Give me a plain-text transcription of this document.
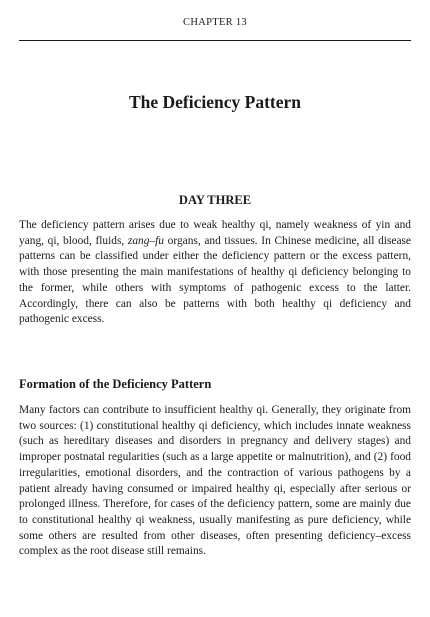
CHAPTER 13
The Deficiency Pattern
DAY THREE

The deficiency pattern arises due to weak healthy qi, namely weakness of yin and yang, qi, blood, fluids, zang–fu organs, and tissues. In Chinese medicine, all disease patterns can be classified under either the deficiency pattern or the excess pattern, with those presenting the main manifestations of healthy qi deficiency belonging to the former, while others with symptoms of pathogenic excess to the latter. Accordingly, there can also be patterns with both healthy qi deficiency and pathogenic excess.

Formation of the Deficiency Pattern

Many factors can contribute to insufficient healthy qi. Generally, they originate from two sources: (1) constitutional healthy qi deficiency, which includes innate weakness (such as hereditary diseases and disorders in pregnancy and delivery stages) and improper postnatal regularities (such as a large appetite or malnutrition), and (2) food irregularities, emotional disorders, and the contraction of various pathogens by a patient already having consumed or impaired healthy qi, especially after serious or prolonged illness. Therefore, for cases of the deficiency pattern, some are mainly due to constitutional healthy qi weakness, usually manifesting as pure deficiency, while some others are resulted from other diseases, often presenting deficiency–excess complex as the root disease still remains.
